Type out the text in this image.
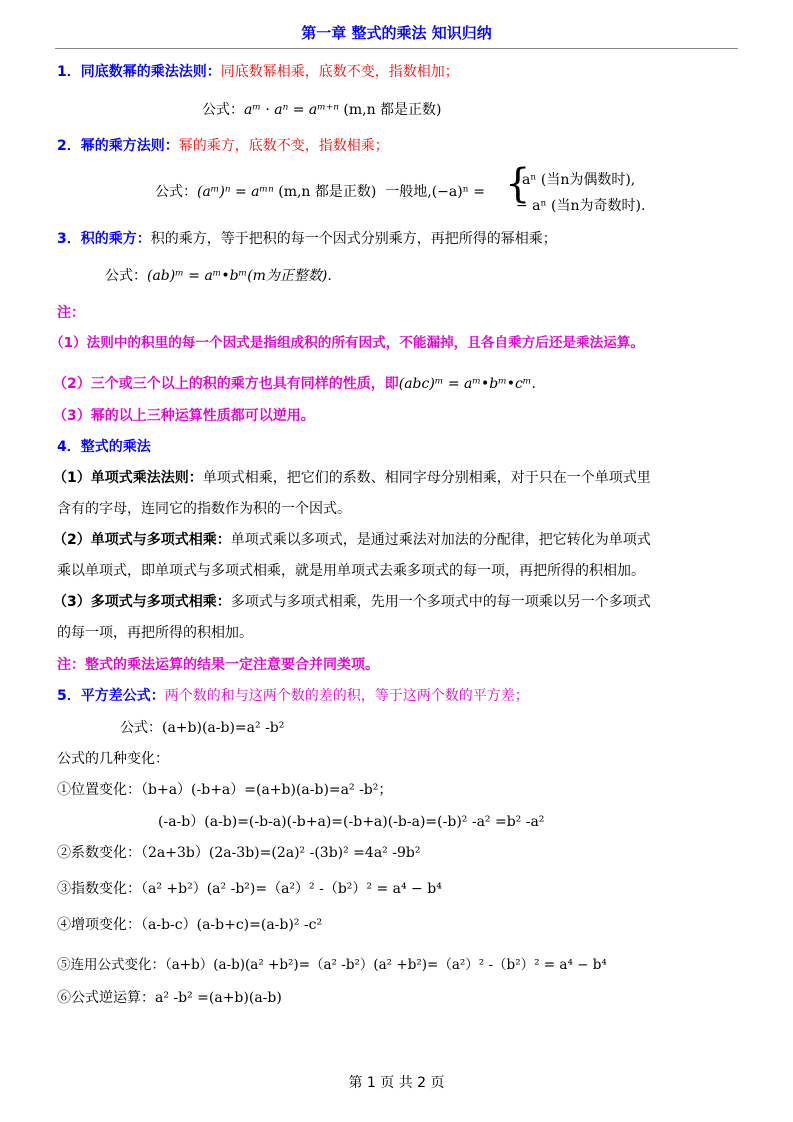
第一章 整式的乘法 知识归纳
1．同底数幂的乘法法则：同底数幂相乘，底数不变，指数相加；
公式：aᵐ · aⁿ = aᵐ⁺ⁿ (m,n 都是正数)
2．幂的乘方法则：幂的乘方，底数不变，指数相乘；
公式：(aᵐ)ⁿ = aᵐⁿ (m,n 都是正数) 一般地,(−a)ⁿ = {
aⁿ (当n为偶数时),
− aⁿ (当n为奇数时).
3．积的乘方：积的乘方，等于把积的每一个因式分别乘方，再把所得的幂相乘；
公式：(ab)ᵐ = aᵐ•bᵐ(m为正整数).
注：
（1）法则中的积里的每一个因式是指组成积的所有因式，不能漏掉，且各自乘方后还是乘法运算。
（2）三个或三个以上的积的乘方也具有同样的性质，即(abc)ᵐ = aᵐ•bᵐ•cᵐ.
（3）幂的以上三种运算性质都可以逆用。
4．整式的乘法
（1）单项式乘法法则：单项式相乘，把它们的系数、相同字母分别相乘，对于只在一个单项式里
含有的字母，连同它的指数作为积的一个因式。
（2）单项式与多项式相乘：单项式乘以多项式，是通过乘法对加法的分配律，把它转化为单项式
乘以单项式，即单项式与多项式相乘，就是用单项式去乘多项式的每一项，再把所得的积相加。
（3）多项式与多项式相乘：多项式与多项式相乘，先用一个多项式中的每一项乘以另一个多项式
的每一项，再把所得的积相加。
注：整式的乘法运算的结果一定注意要合并同类项。
5．平方差公式：两个数的和与这两个数的差的积，等于这两个数的平方差；
公式：(a+b)(a-b)=a² -b²
公式的几种变化：
①位置变化：（b+a）(-b+a）=(a+b)(a-b)=a² -b²；
(-a-b）(a-b)=(-b-a)(-b+a)=(-b+a)(-b-a)=(-b)² -a² =b² -a²
②系数变化：（2a+3b）(2a-3b)=(2a)² -(3b)² =4a² -9b²
③指数变化：（a² +b²）(a² -b²)=（a²）² -（b²）² = a⁴ − b⁴
④增项变化：（a-b-c）(a-b+c)=(a-b)² -c²
⑤连用公式变化：（a+b）(a-b)(a² +b²)=（a² -b²）(a² +b²)=（a²）² -（b²）² = a⁴ − b⁴
⑥公式逆运算：a² -b² =(a+b)(a-b)
第 1 页 共 2 页
